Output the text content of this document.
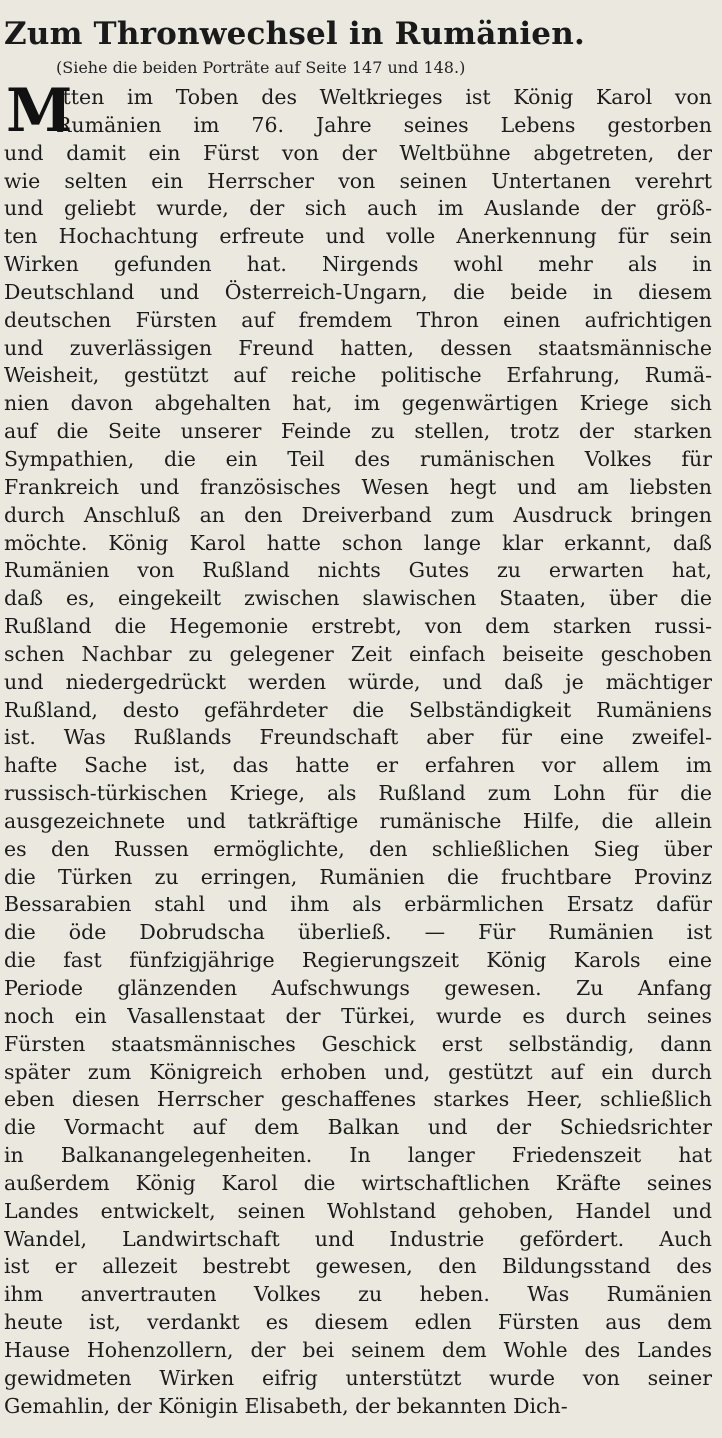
Zum Thronwechsel in Rumänien.
(Siehe die beiden Porträte auf Seite 147 und 148.)
M
itten im Toben des Weltkrieges ist König Karol von
Rumänien im 76. Jahre seines Lebens gestorben
und damit ein Fürst von der Weltbühne abgetreten, der
wie selten ein Herrscher von seinen Untertanen verehrt
und geliebt wurde, der sich auch im Auslande der größ-
ten Hochachtung erfreute und volle Anerkennung für sein
Wirken gefunden hat. Nirgends wohl mehr als in
Deutschland und Österreich-Ungarn, die beide in diesem
deutschen Fürsten auf fremdem Thron einen aufrichtigen
und zuverlässigen Freund hatten, dessen staatsmännische
Weisheit, gestützt auf reiche politische Erfahrung, Rumä-
nien davon abgehalten hat, im gegenwärtigen Kriege sich
auf die Seite unserer Feinde zu stellen, trotz der starken
Sympathien, die ein Teil des rumänischen Volkes für
Frankreich und französisches Wesen hegt und am liebsten
durch Anschluß an den Dreiverband zum Ausdruck bringen
möchte. König Karol hatte schon lange klar erkannt, daß
Rumänien von Rußland nichts Gutes zu erwarten hat,
daß es, eingekeilt zwischen slawischen Staaten, über die
Rußland die Hegemonie erstrebt, von dem starken russi-
schen Nachbar zu gelegener Zeit einfach beiseite geschoben
und niedergedrückt werden würde, und daß je mächtiger
Rußland, desto gefährdeter die Selbständigkeit Rumäniens
ist. Was Rußlands Freundschaft aber für eine zweifel-
hafte Sache ist, das hatte er erfahren vor allem im
russisch-türkischen Kriege, als Rußland zum Lohn für die
ausgezeichnete und tatkräftige rumänische Hilfe, die allein
es den Russen ermöglichte, den schließlichen Sieg über
die Türken zu erringen, Rumänien die fruchtbare Provinz
Bessarabien stahl und ihm als erbärmlichen Ersatz dafür
die öde Dobrudscha überließ. — Für Rumänien ist
die fast fünfzigjährige Regierungszeit König Karols eine
Periode glänzenden Aufschwungs gewesen. Zu Anfang
noch ein Vasallenstaat der Türkei, wurde es durch seines
Fürsten staatsmännisches Geschick erst selbständig, dann
später zum Königreich erhoben und, gestützt auf ein durch
eben diesen Herrscher geschaffenes starkes Heer, schließlich
die Vormacht auf dem Balkan und der Schiedsrichter
in Balkanangelegenheiten. In langer Friedenszeit hat
außerdem König Karol die wirtschaftlichen Kräfte seines
Landes entwickelt, seinen Wohlstand gehoben, Handel und
Wandel, Landwirtschaft und Industrie gefördert. Auch
ist er allezeit bestrebt gewesen, den Bildungsstand des
ihm anvertrauten Volkes zu heben. Was Rumänien
heute ist, verdankt es diesem edlen Fürsten aus dem
Hause Hohenzollern, der bei seinem dem Wohle des Landes
gewidmeten Wirken eifrig unterstützt wurde von seiner
Gemahlin, der Königin Elisabeth, der bekannten Dich-
